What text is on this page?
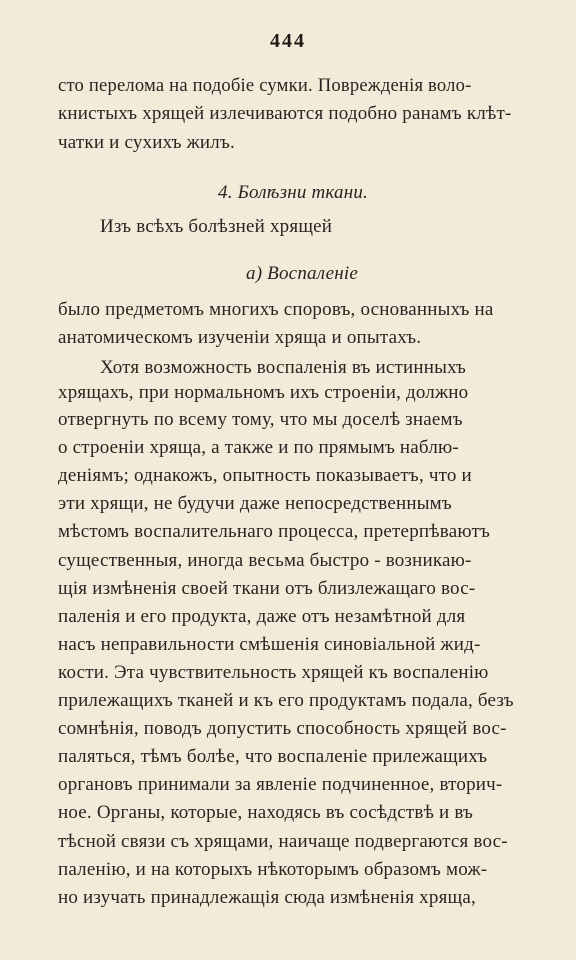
444
сто перелома на подобіе сумки. Поврежденія воло-
книстыхъ хрящей излечиваются подобно ранамъ клѣт-
чатки и сухихъ жилъ.
4. Болѣзни ткани.
Изъ всѣхъ болѣзней хрящей
a) Воспаленіе
было предметомъ многихъ споровъ, основанныхъ на
анатомическомъ изученіи хряща и опытахъ.
Хотя возможность воспаленія въ истинныхъ
хрящахъ, при нормальномъ ихъ строеніи, должно
отвергнуть по всему тому, что мы доселѣ знаемъ
о строеніи хряща, а также и по прямымъ наблю-
деніямъ; однакожъ, опытность показываетъ, что и
эти хрящи, не будучи даже непосредственнымъ
мѣстомъ воспалительнаго процесса, претерпѣваютъ
существенныя, иногда весьма быстро - возникаю-
щія измѣненія своей ткани отъ близлежащаго вос-
паленія и его продукта, даже отъ незамѣтной для
насъ неправильности смѣшенія синовіальной жид-
кости. Эта чувствительность хрящей къ воспаленію
прилежащихъ тканей и къ его продуктамъ подала, безъ
сомнѣнія, поводъ допустить способность хрящей вос-
паляться, тѣмъ болѣе, что воспаленіе прилежащихъ
органовъ принимали за явленіе подчиненное, вторич-
ное. Органы, которые, находясь въ сосѣдствѣ и въ
тѣсной связи съ хрящами, наичаще подвергаются вос-
паленію, и на которыхъ нѣкоторымъ образомъ мож-
но изучать принадлежащія сюда измѣненія хряща,
